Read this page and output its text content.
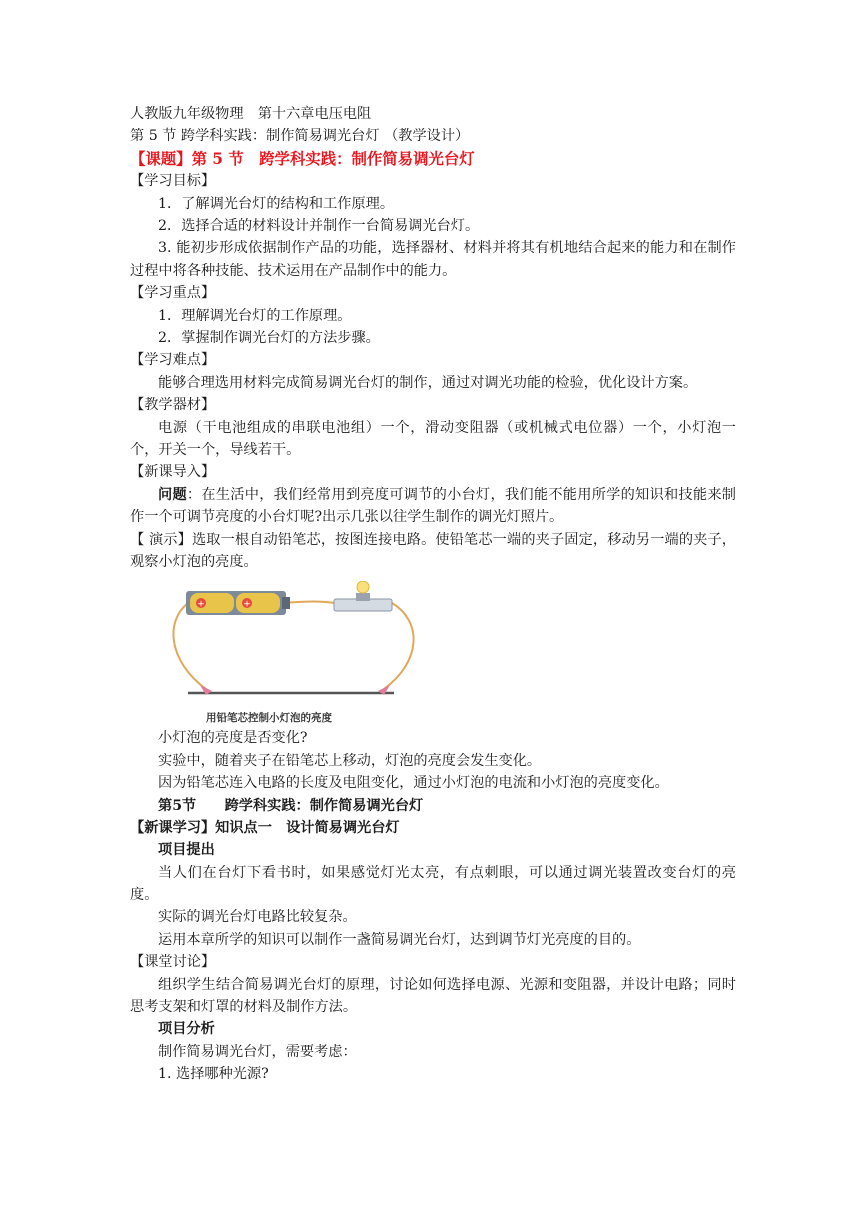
人教版九年级物理　第十六章电压电阻
第 5 节 跨学科实践：制作简易调光台灯 （教学设计）
【课题】第 5 节　跨学科实践：制作简易调光台灯
【学习目标】
1．了解调光台灯的结构和工作原理。
2．选择合适的材料设计并制作一台简易调光台灯。
3. 能初步形成依据制作产品的功能，选择器材、材料并将其有机地结合起来的能力和在制作过程中将各种技能、技术运用在产品制作中的能力。
【学习重点】
1．理解调光台灯的工作原理。
2．掌握制作调光台灯的方法步骤。
【学习难点】
能够合理选用材料完成简易调光台灯的制作，通过对调光功能的检验，优化设计方案。
【教学器材】
电源（干电池组成的串联电池组）一个，滑动变阻器（或机械式电位器）一个，小灯泡一个，开关一个，导线若干。
【新课导入】
问题：在生活中，我们经常用到亮度可调节的小台灯，我们能不能用所学的知识和技能来制作一个可调节亮度的小台灯呢?出示几张以往学生制作的调光灯照片。
【 演示】选取一根自动铅笔芯，按图连接电路。使铅笔芯一端的夹子固定，移动另一端的夹子，观察小灯泡的亮度。
+	+
用铅笔芯控制小灯泡的亮度
小灯泡的亮度是否变化?
实验中，随着夹子在铅笔芯上移动，灯泡的亮度会发生变化。
因为铅笔芯连入电路的长度及电阻变化，通过小灯泡的电流和小灯泡的亮度变化。
第5节　　跨学科实践：制作简易调光台灯
【新课学习】知识点一　设计简易调光台灯
项目提出
当人们在台灯下看书时，如果感觉灯光太亮，有点刺眼，可以通过调光装置改变台灯的亮度。
实际的调光台灯电路比较复杂。
运用本章所学的知识可以制作一盏简易调光台灯，达到调节灯光亮度的目的。
【课堂讨论】
组织学生结合简易调光台灯的原理，讨论如何选择电源、光源和变阻器，并设计电路；同时思考支架和灯罩的材料及制作方法。
项目分析
制作简易调光台灯，需要考虑：
1. 选择哪种光源?
